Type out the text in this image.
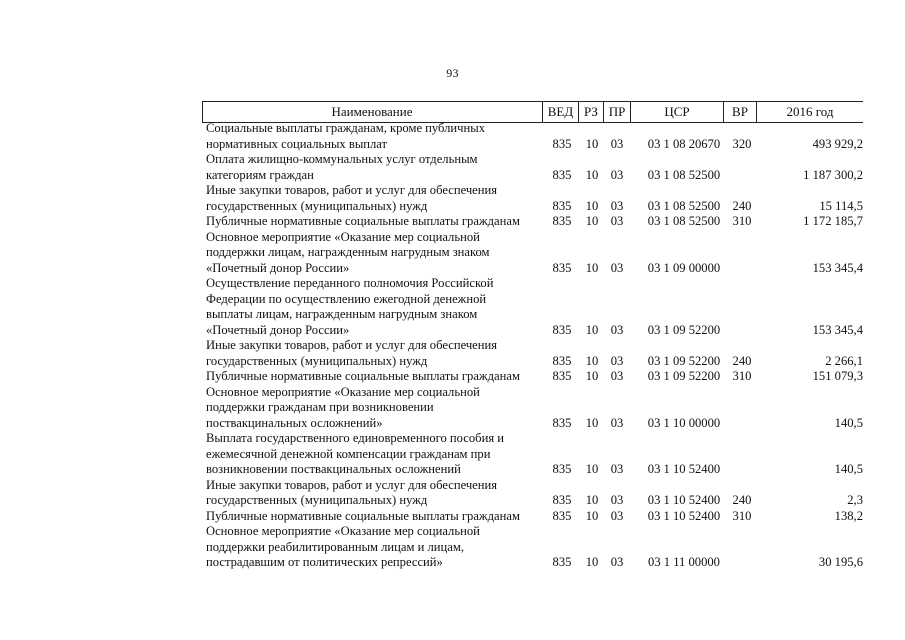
93
Наименование	ВЕД РЗ ПР	ЦСР	ВР	2016 год
Социальные выплаты гражданам, кроме публичных
нормативных социальных выплат	835	10 03	03 1 08 20670 320	493 929,2
Оплата жилищно-коммунальных услуг отдельным
категориям граждан	835	10 03	03 1 08 52500	1 187 300,2
Иные закупки товаров, работ и услуг для обеспечения
государственных (муниципальных) нужд	835	10 03	03 1 08 52500 240	15 114,5
Публичные нормативные социальные выплаты гражданам	835	10 03	03 1 08 52500 310	1 172 185,7
Основное мероприятие «Оказание мер социальной
поддержки лицам, награжденным нагрудным знаком
«Почетный донор России»	835	10 03	03 1 09 00000	153 345,4
Осуществление переданного полномочия Российской
Федерации по осуществлению ежегодной денежной
выплаты лицам, награжденным нагрудным знаком
«Почетный донор России»	835	10 03	03 1 09 52200	153 345,4
Иные закупки товаров, работ и услуг для обеспечения
государственных (муниципальных) нужд	835	10 03	03 1 09 52200 240	2 266,1
Публичные нормативные социальные выплаты гражданам	835	10 03	03 1 09 52200 310	151 079,3
Основное мероприятие «Оказание мер социальной
поддержки гражданам при возникновении
поствакцинальных осложнений»	835	10 03	03 1 10 00000	140,5
Выплата государственного единовременного пособия и
ежемесячной денежной компенсации гражданам при
возникновении поствакцинальных осложнений	835	10 03	03 1 10 52400	140,5
Иные закупки товаров, работ и услуг для обеспечения
государственных (муниципальных) нужд	835	10 03	03 1 10 52400 240	2,3
Публичные нормативные социальные выплаты гражданам	835	10 03	03 1 10 52400 310	138,2
Основное мероприятие «Оказание мер социальной
поддержки реабилитированным лицам и лицам,
пострадавшим от политических репрессий»	835	10 03	03 1 11 00000	30 195,6
